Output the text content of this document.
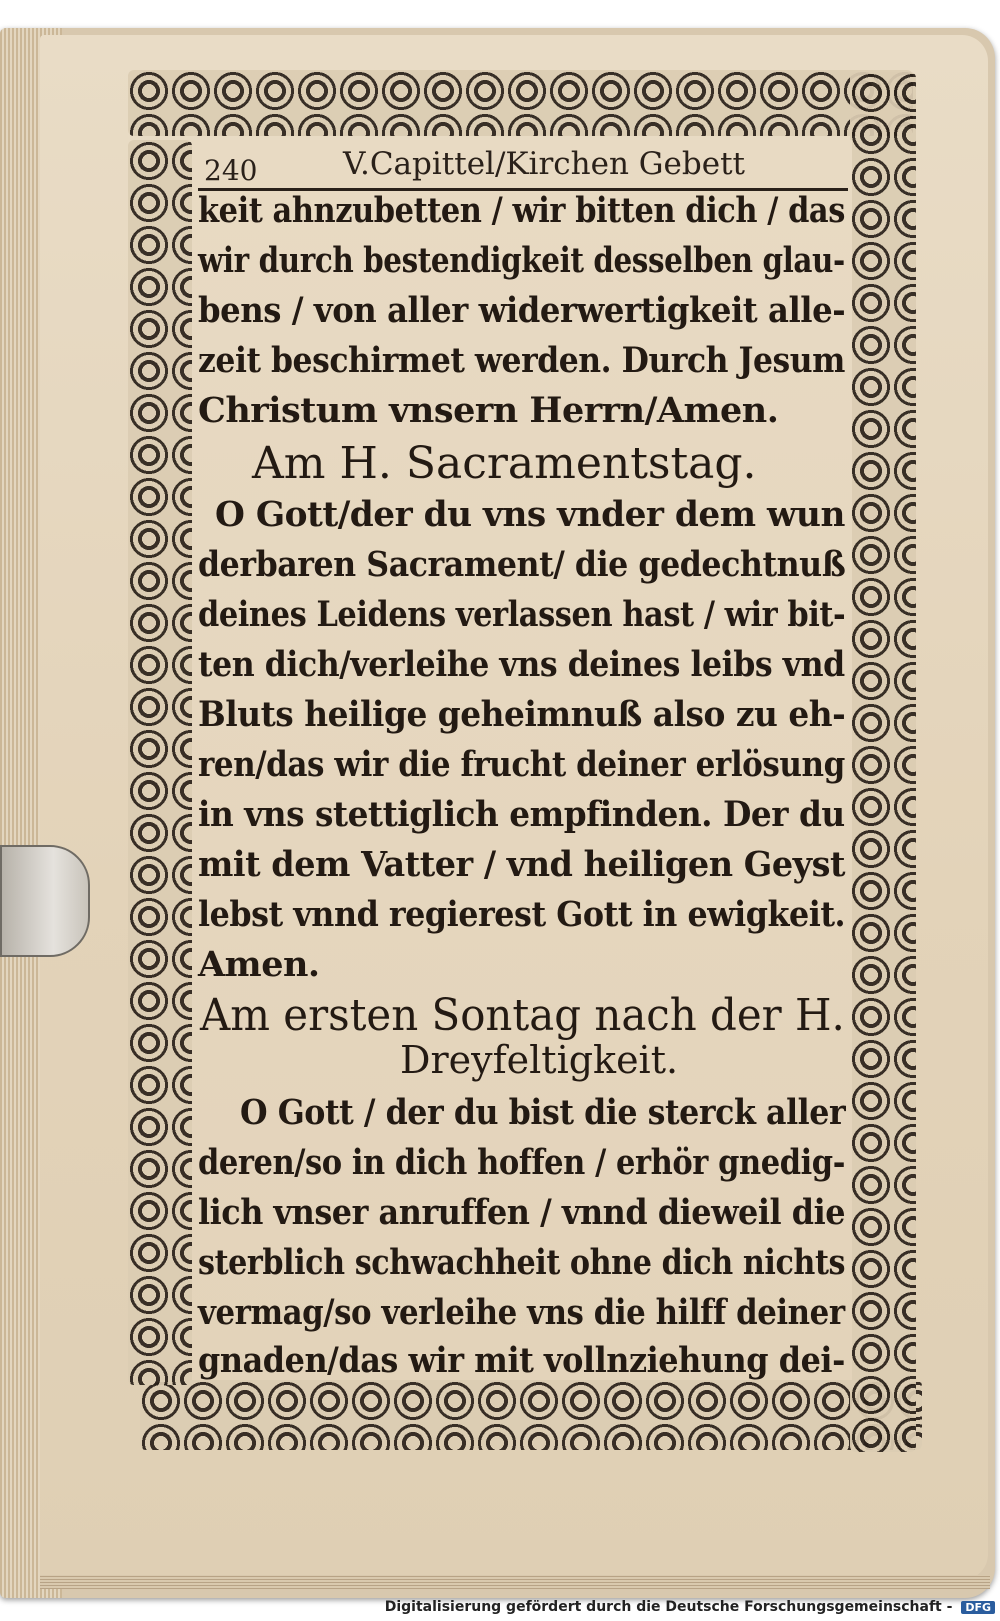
240	V.Capittel/Kirchen Gebett
keit ahnzubetten / wir bitten dich / das
wir durch bestendigkeit desselben glau-
bens / von aller widerwertigkeit alle-
zeit beschirmet werden. Durch Jesum
Christum vnsern Herrn/Amen.
Am H. Sacramentstag.
O Gott/der du vns vnder dem wun
derbaren Sacrament/ die gedechtnuß
deines Leidens verlassen hast / wir bit-
ten dich/verleihe vns deines leibs vnd
Bluts heilige geheimnuß also zu eh-
ren/das wir die frucht deiner erlösung
in vns stettiglich empfinden. Der du
mit dem Vatter / vnd heiligen Geyst
lebst vnnd regierest Gott in ewigkeit.
Amen.
Am ersten Sontag nach der H.
Dreyfeltigkeit.
O Gott / der du bist die sterck aller
deren/so in dich hoffen / erhör gnedig-
lich vnser anruffen / vnnd dieweil die
sterblich schwachheit ohne dich nichts
vermag/so verleihe vns die hilff deiner
gnaden/das wir mit vollnziehung dei-
Digitalisierung gefördert durch die Deutsche Forschungsgemeinschaft - DFG
